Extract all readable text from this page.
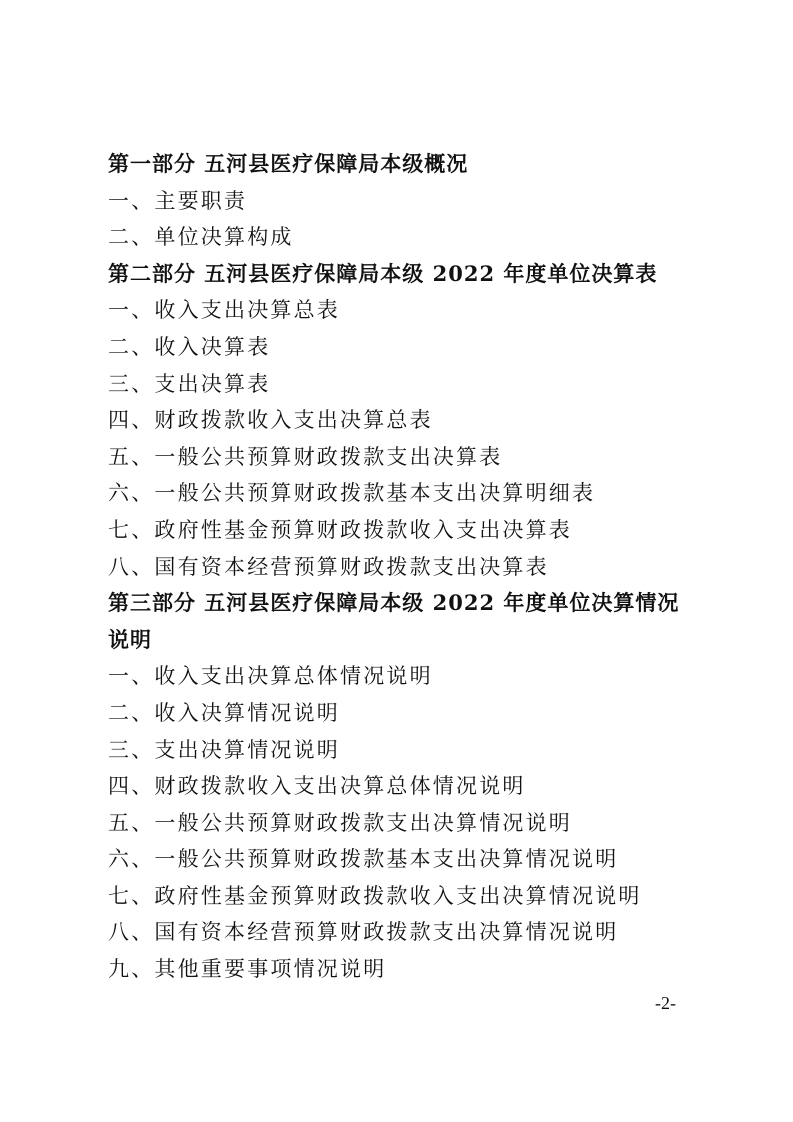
第一部分 五河县医疗保障局本级概况
一、主要职责
二、单位决算构成
第二部分 五河县医疗保障局本级 2022 年度单位决算表
一、收入支出决算总表
二、收入决算表
三、支出决算表
四、财政拨款收入支出决算总表
五、一般公共预算财政拨款支出决算表
六、一般公共预算财政拨款基本支出决算明细表
七、政府性基金预算财政拨款收入支出决算表
八、国有资本经营预算财政拨款支出决算表
第三部分 五河县医疗保障局本级 2022 年度单位决算情况说明
一、收入支出决算总体情况说明
二、收入决算情况说明
三、支出决算情况说明
四、财政拨款收入支出决算总体情况说明
五、一般公共预算财政拨款支出决算情况说明
六、一般公共预算财政拨款基本支出决算情况说明
七、政府性基金预算财政拨款收入支出决算情况说明
八、国有资本经营预算财政拨款支出决算情况说明
九、其他重要事项情况说明
-2-
